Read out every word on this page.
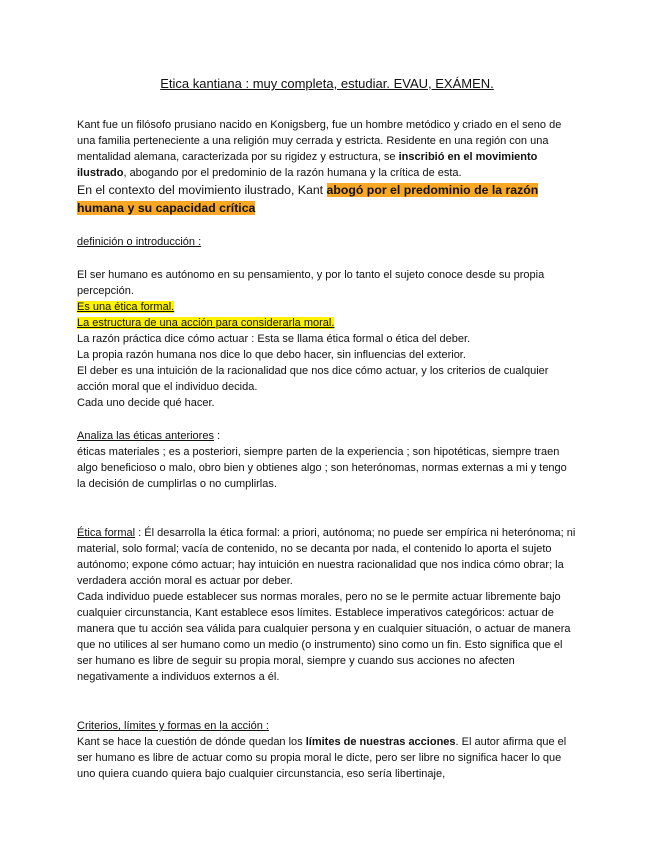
Etica kantiana : muy completa, estudiar. EVAU, EXÁMEN.

Kant fue un filósofo prusiano nacido en Konigsberg, fue un hombre metódico y criado en el seno de una familia perteneciente a una religión muy cerrada y estricta. Residente en una región con una mentalidad alemana, caracterizada por su rigidez y estructura, se inscribió en el movimiento ilustrado, abogando por el predominio de la razón humana y la crítica de esta.

En el contexto del movimiento ilustrado, Kant abogó por el predominio de la razón humana y su capacidad crítica

definición o introducción :

El ser humano es autónomo en su pensamiento, y por lo tanto el sujeto conoce desde su propia percepción.

Es una ética formal.

La estructura de una acción para considerarla moral.

La razón práctica dice cómo actuar : Esta se llama ética formal o ética del deber.

La propia razón humana nos dice lo que debo hacer, sin influencias del exterior.

El deber es una intuición de la racionalidad que nos dice cómo actuar, y los criterios de cualquier acción moral que el individuo decida.

Cada uno decide qué hacer.

Analiza las éticas anteriores :

éticas materiales ; es a posteriori, siempre parten de la experiencia ; son hipotéticas, siempre traen algo beneficioso o malo, obro bien y obtienes algo ; son heterónomas, normas externas a mi y tengo la decisión de cumplirlas o no cumplirlas.

Ética formal : Él desarrolla la ética formal: a priori, autónoma; no puede ser empírica ni heterónoma; ni material, solo formal; vacía de contenido, no se decanta por nada, el contenido lo aporta el sujeto autónomo; expone cómo actuar; hay intuición en nuestra racionalidad que nos indica cómo obrar; la verdadera acción moral es actuar por deber.

Cada individuo puede establecer sus normas morales, pero no se le permite actuar libremente bajo cualquier circunstancia, Kant establece esos límites. Establece imperativos categóricos: actuar de manera que tu acción sea válida para cualquier persona y en cualquier situación, o actuar de manera que no utilices al ser humano como un medio (o instrumento) sino como un fin. Esto significa que el ser humano es libre de seguir su propia moral, siempre y cuando sus acciones no afecten negativamente a individuos externos a él.

Criterios, límites y formas en la acción :

Kant se hace la cuestión de dónde quedan los límites de nuestras acciones. El autor afirma que el ser humano es libre de actuar como su propia moral le dicte, pero ser libre no significa hacer lo que uno quiera cuando quiera bajo cualquier circunstancia, eso sería libertinaje,
